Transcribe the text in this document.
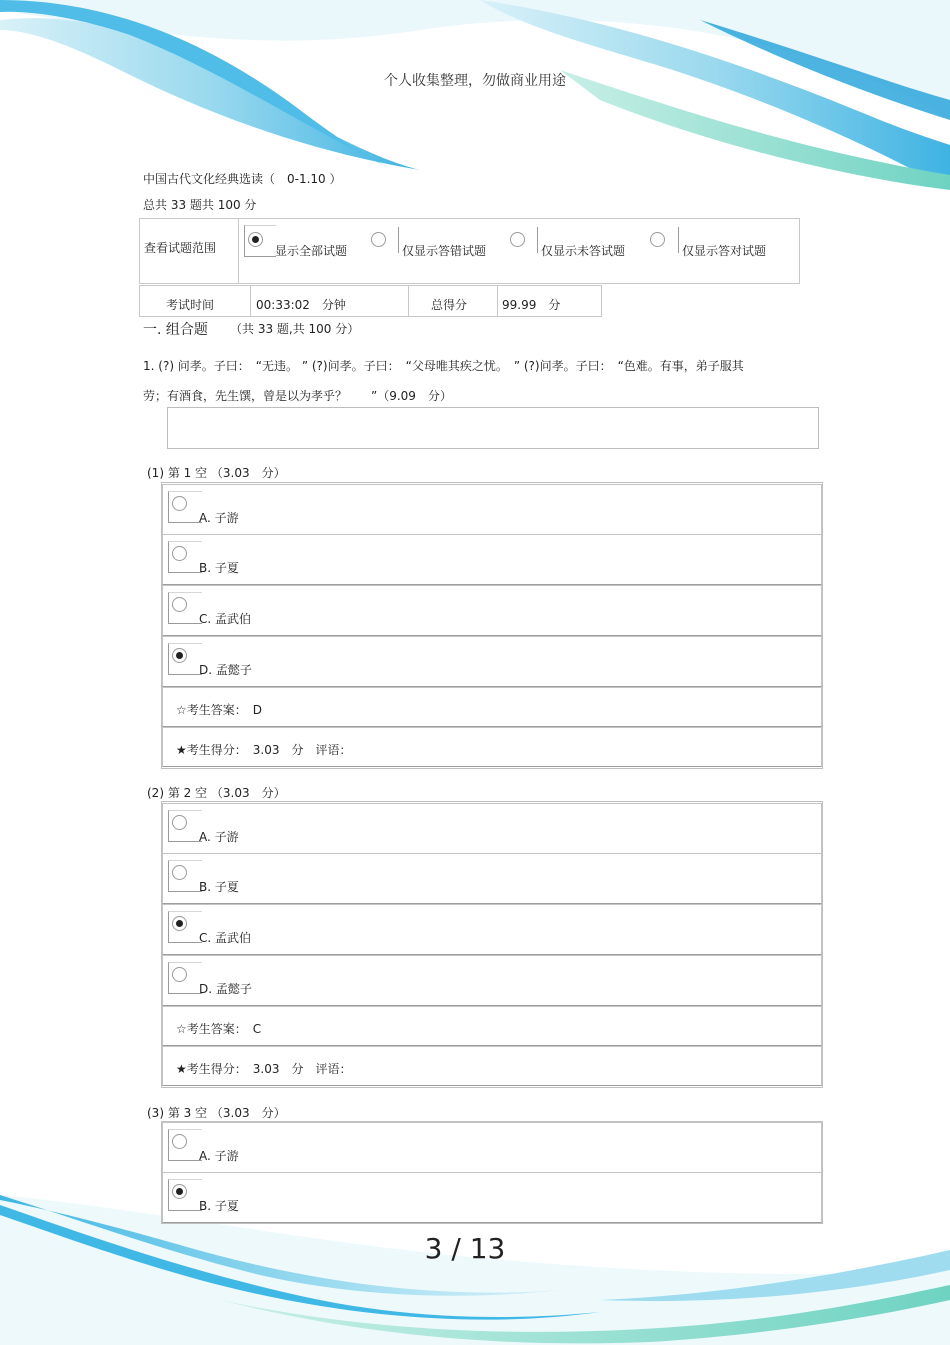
个人收集整理，勿做商业用途
中国古代文化经典选读（　0-1.10 ）
总共 33 题共 100 分
查看试题范围	显示全部试题	仅显示答错试题	仅显示未答试题	仅显示答对试题
考试时间	00:33:02　分钟	总得分	99.99　分
一. 组合题 （共 33 题,共 100 分）
1. (?) 问孝。子曰：　“无违。 ” (?)问孝。子曰：　“父母唯其疾之忧。　” (?)问孝。子曰：　“色难。有事，弟子服其
劳；有酒食，先生馔，曾是以为孝乎？　　”（9.09　分）
(1) 第 1 空 （3.03　分）
A. 子游
B. 子夏
C. 孟武伯
D. 孟懿子
☆考生答案：　D
★考生得分：　3.03　分　评语：
(2) 第 2 空 （3.03　分）
A. 子游
B. 子夏
C. 孟武伯
D. 孟懿子
☆考生答案：　C
★考生得分：　3.03　分　评语：
(3) 第 3 空 （3.03　分）
A. 子游
B. 子夏
3 / 13
